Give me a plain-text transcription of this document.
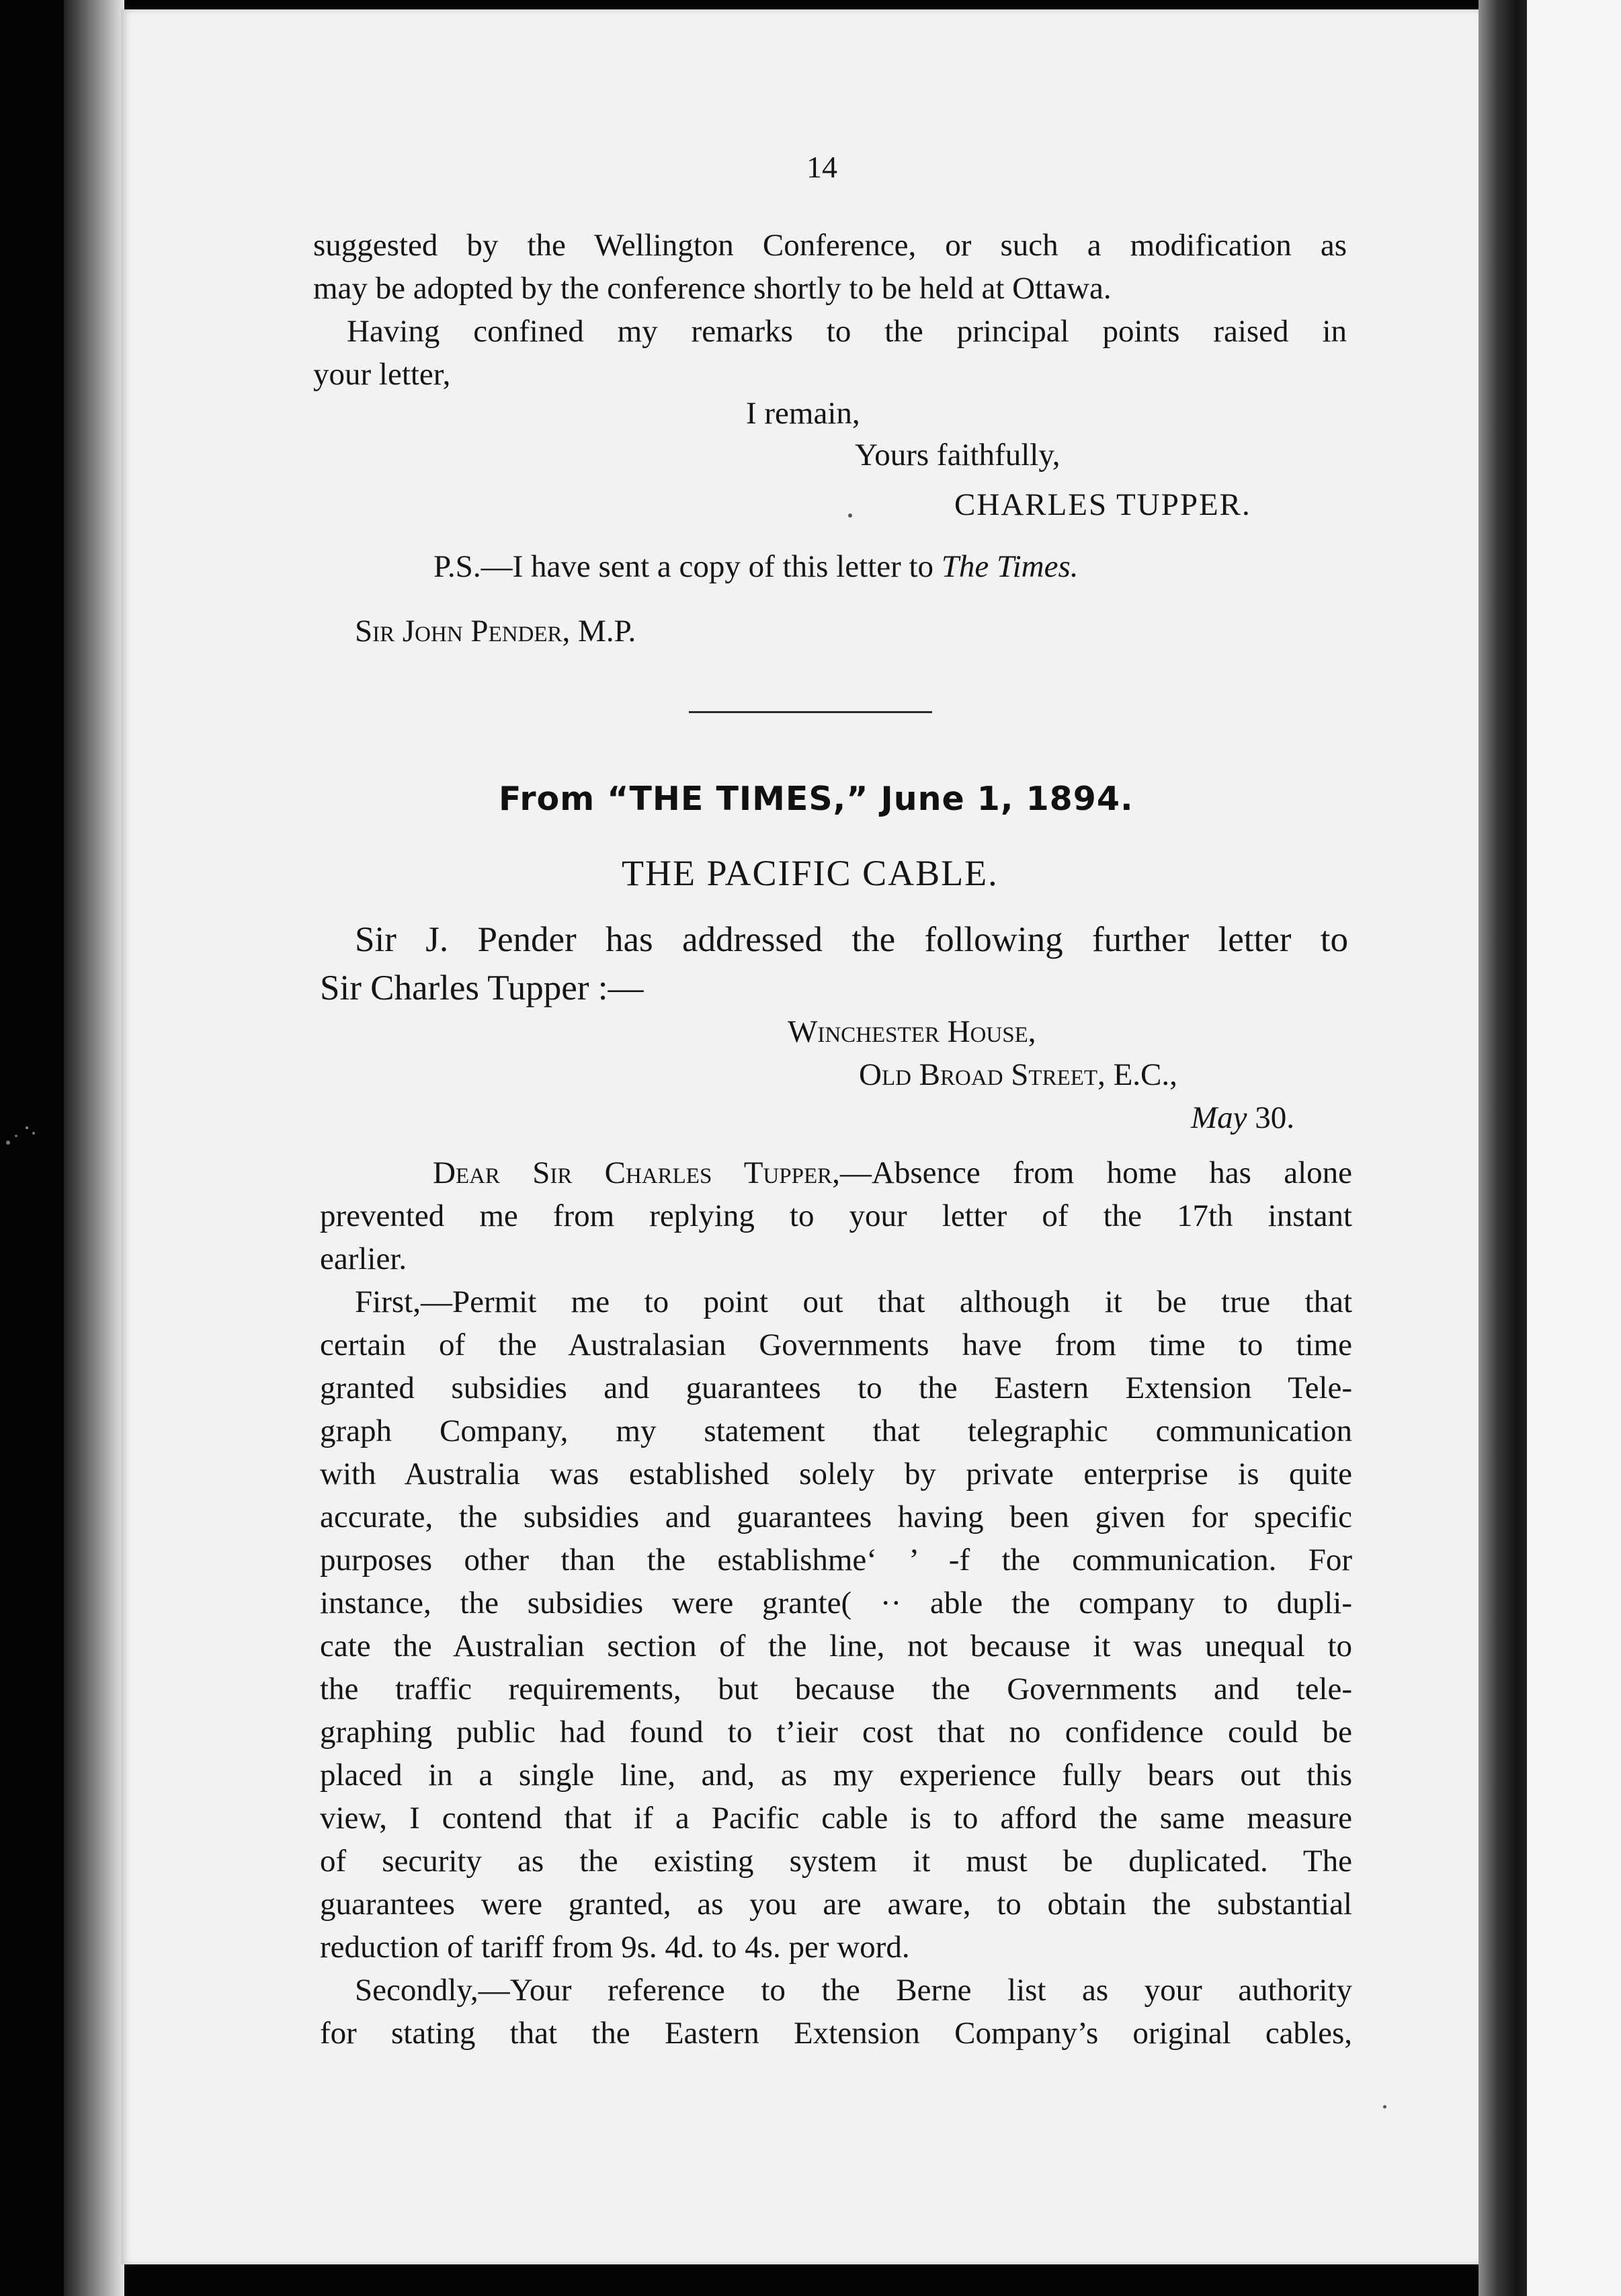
14
suggested by the Wellington Conference, or such a modification as
may be adopted by the conference shortly to be held at Ottawa.
Having confined my remarks to the principal points raised in
your letter,
I remain,
Yours faithfully,
CHARLES TUPPER.
P.S.—I have sent a copy of this letter to The Times.
Sir John Pender, M.P.
From “THE TIMES,” June 1, 1894.
THE PACIFIC CABLE.
Sir J. Pender has addressed the following further letter to
Sir Charles Tupper :—
Winchester House,
Old Broad Street, E.C.,
May 30.
Dear Sir Charles Tupper,—Absence from home has alone
prevented me from replying to your letter of the 17th instant
earlier.
First,—Permit me to point out that although it be true that
certain of the Australasian Governments have from time to time
granted subsidies and guarantees to the Eastern Extension Tele-
graph Company, my statement that telegraphic communication
with Australia was established solely by private enterprise is quite
accurate, the subsidies and guarantees having been given for specific
purposes other than the establishme‘ ’ ‑f the communication. For
instance, the subsidies were grante( ·· able the company to dupli-
cate the Australian section of the line, not because it was unequal to
the traffic requirements, but because the Governments and tele-
graphing public had found to t’ieir cost that no confidence could be
placed in a single line, and, as my experience fully bears out this
view, I contend that if a Pacific cable is to afford the same measure
of security as the existing system it must be duplicated. The
guarantees were granted, as you are aware, to obtain the substantial
reduction of tariff from 9s. 4d. to 4s. per word.
Secondly,—Your reference to the Berne list as your authority
for stating that the Eastern Extension Company’s original cables,
